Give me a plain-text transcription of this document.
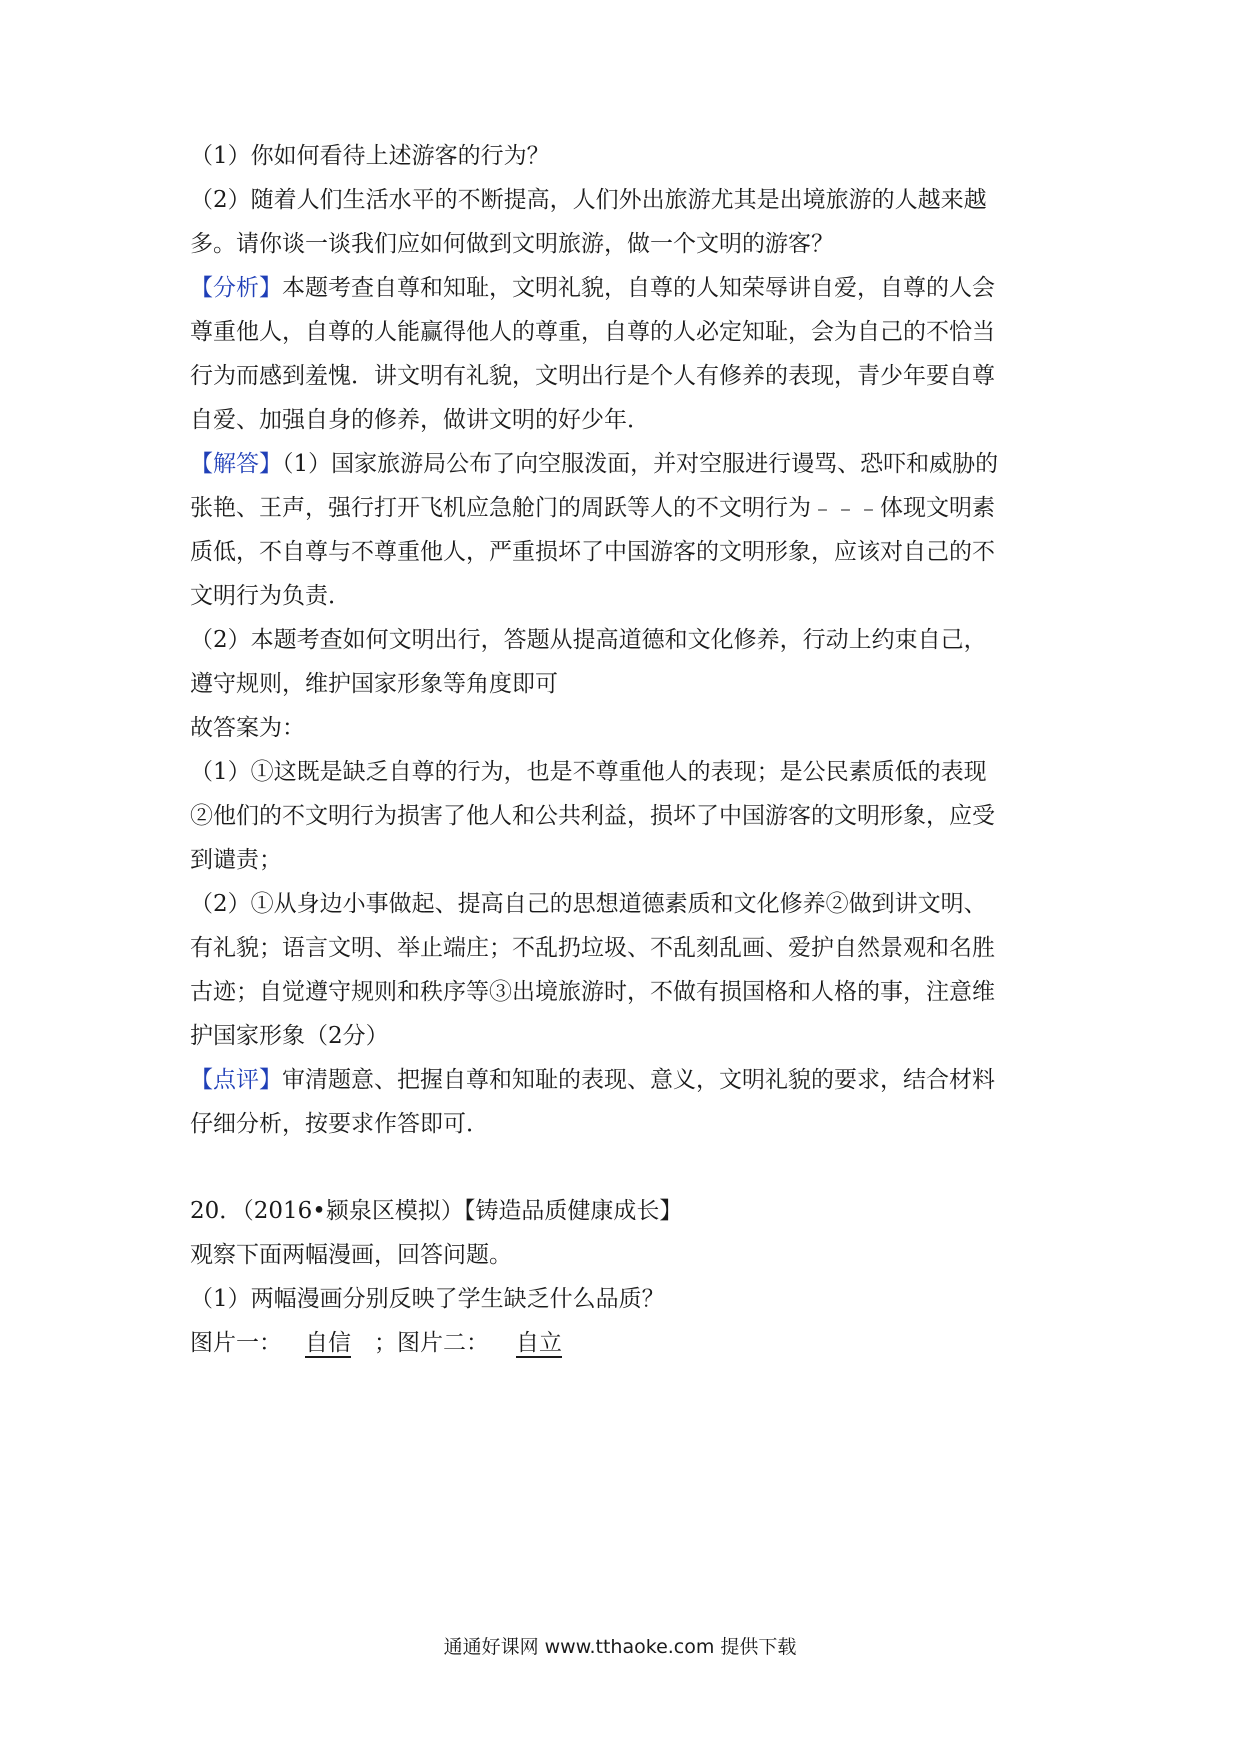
（1）你如何看待上述游客的行为？
（2）随着人们生活水平的不断提高，人们外出旅游尤其是出境旅游的人越来越
多。请你谈一谈我们应如何做到文明旅游，做一个文明的游客？
【分析】本题考查自尊和知耻，文明礼貌，自尊的人知荣辱讲自爱，自尊的人会
尊重他人，自尊的人能赢得他人的尊重，自尊的人必定知耻，会为自己的不恰当
行为而感到羞愧．讲文明有礼貌，文明出行是个人有修养的表现，青少年要自尊
自爱、加强自身的修养，做讲文明的好少年．
【解答】（1）国家旅游局公布了向空服泼面，并对空服进行谩骂、恐吓和威胁的
张艳、王声，强行打开飞机应急舱门的周跃等人的不文明行为﹣﹣﹣体现文明素
质低，不自尊与不尊重他人，严重损坏了中国游客的文明形象，应该对自己的不
文明行为负责．
（2）本题考查如何文明出行，答题从提高道德和文化修养，行动上约束自己，
遵守规则，维护国家形象等角度即可
故答案为：
（1）①这既是缺乏自尊的行为，也是不尊重他人的表现；是公民素质低的表现
②他们的不文明行为损害了他人和公共利益，损坏了中国游客的文明形象，应受
到谴责；
（2）①从身边小事做起、提高自己的思想道德素质和文化修养②做到讲文明、
有礼貌；语言文明、举止端庄；不乱扔垃圾、不乱刻乱画、爱护自然景观和名胜
古迹；自觉遵守规则和秩序等③出境旅游时，不做有损国格和人格的事，注意维
护国家形象（2分）
【点评】审清题意、把握自尊和知耻的表现、意义，文明礼貌的要求，结合材料
仔细分析，按要求作答即可．
20．（2016•颍泉区模拟）【铸造品质健康成长】
观察下面两幅漫画，回答问题。
（1）两幅漫画分别反映了学生缺乏什么品质？
图片一： 自信 ；图片二： 自立
通通好课网 www.tthaoke.com 提供下载
